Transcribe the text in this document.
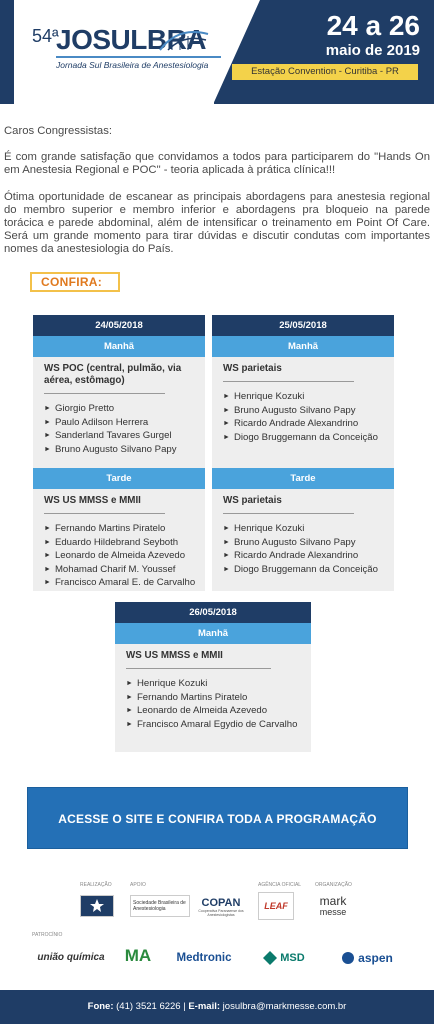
54ª
JOSULBRA
Jornada Sul Brasileira de Anestesiologia
24 a 26
maio de 2019
Estação Convention - Curitiba - PR

Caros Congressistas:

É com grande satisfação que convidamos a todos para participarem do "Hands On em Anestesia Regional e POC" - teoria aplicada à prática clínica!!!

Ótima oportunidade de escanear as principais abordagens para anestesia regional do membro superior e membro inferior e abordagens pra bloqueio na parede torácica e parede abdominal, além de intensificar o treinamento em Point Of Care. Será um grande momento para tirar dúvidas e discutir condutas com importantes nomes da anestesiologia do País.

CONFIRA:
24/05/2018
Manhã
WS POC (central, pulmão, via aérea, estômago)
► Giorgio Pretto
► Paulo Adilson Herrera
► Sanderland Tavares Gurgel
► Bruno Augusto Silvano Papy
Tarde
WS US MMSS e MMII
► Fernando Martins Piratelo
► Eduardo Hildebrand Seyboth
► Leonardo de Almeida Azevedo
► Mohamad Charif M. Youssef
► Francisco Amaral E. de Carvalho
25/05/2018
Manhã
WS parietais
► Henrique Kozuki
► Bruno Augusto Silvano Papy
► Ricardo Andrade Alexandrino
► Diogo Bruggemann da Conceição
Tarde
WS parietais
► Henrique Kozuki
► Bruno Augusto Silvano Papy
► Ricardo Andrade Alexandrino
► Diogo Bruggemann da Conceição
26/05/2018
Manhã
WS US MMSS e MMII
► Henrique Kozuki
► Fernando Martins Piratelo
► Leonardo de Almeida Azevedo
► Francisco Amaral Egydio de Carvalho
ACESSE O SITE E CONFIRA TODA A PROGRAMAÇÃO
REALIZAÇÃO	APOIO	AGÊNCIA OFICIAL	ORGANIZAÇÃO
Sociedade Brasileira de Anestesiologia	COPAN
Cooperativa Paranaense dos Anestesiologistas
LEAF	mark
messe
PATROCÍNIO
união química MA Medtronic	MSD	aspen
Fone: (41) 3521 6226 | E-mail: josulbra@markmesse.com.br
